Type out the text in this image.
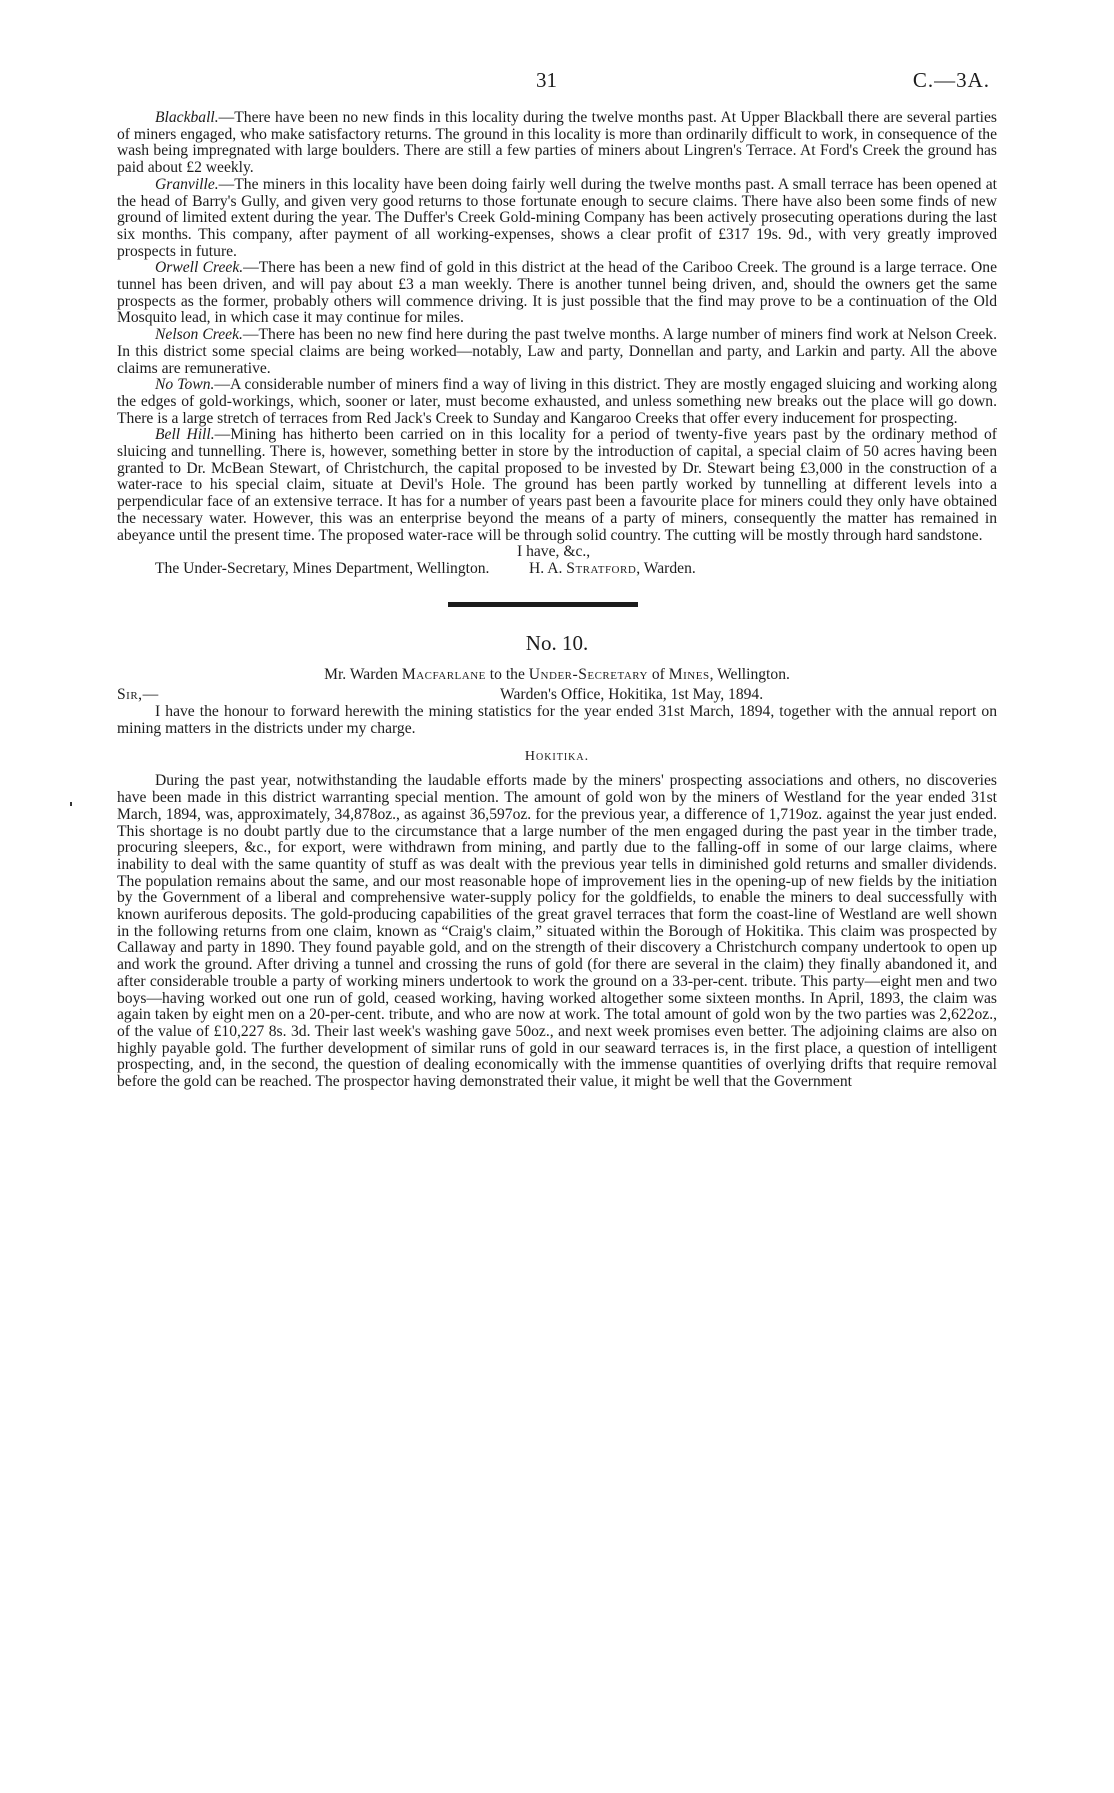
31	C.—3A.

Blackball.—There have been no new finds in this locality during the twelve months past. At Upper Blackball there are several parties of miners engaged, who make satisfactory returns. The ground in this locality is more than ordinarily difficult to work, in consequence of the wash being impregnated with large boulders. There are still a few parties of miners about Lingren's Terrace. At Ford's Creek the ground has paid about £2 weekly.

Granville.—The miners in this locality have been doing fairly well during the twelve months past. A small terrace has been opened at the head of Barry's Gully, and given very good returns to those fortunate enough to secure claims. There have also been some finds of new ground of limited extent during the year. The Duffer's Creek Gold-mining Company has been actively prosecuting operations during the last six months. This company, after payment of all working-expenses, shows a clear profit of £317 19s. 9d., with very greatly improved prospects in future.

Orwell Creek.—There has been a new find of gold in this district at the head of the Cariboo Creek. The ground is a large terrace. One tunnel has been driven, and will pay about £3 a man weekly. There is another tunnel being driven, and, should the owners get the same prospects as the former, probably others will commence driving. It is just possible that the find may prove to be a continuation of the Old Mosquito lead, in which case it may continue for miles.

Nelson Creek.—There has been no new find here during the past twelve months. A large number of miners find work at Nelson Creek. In this district some special claims are being worked—notably, Law and party, Donnellan and party, and Larkin and party. All the above claims are remunerative.

No Town.—A considerable number of miners find a way of living in this district. They are mostly engaged sluicing and working along the edges of gold-workings, which, sooner or later, must become exhausted, and unless something new breaks out the place will go down. There is a large stretch of terraces from Red Jack's Creek to Sunday and Kangaroo Creeks that offer every inducement for prospecting.

Bell Hill.—Mining has hitherto been carried on in this locality for a period of twenty-five years past by the ordinary method of sluicing and tunnelling. There is, however, something better in store by the introduction of capital, a special claim of 50 acres having been granted to Dr. McBean Stewart, of Christchurch, the capital proposed to be invested by Dr. Stewart being £3,000 in the construction of a water-race to his special claim, situate at Devil's Hole. The ground has been partly worked by tunnelling at different levels into a perpendicular face of an extensive terrace. It has for a number of years past been a favourite place for miners could they only have obtained the necessary water. However, this was an enterprise beyond the means of a party of miners, consequently the matter has remained in abeyance until the present time. The proposed water-race will be through solid country. The cutting will be mostly through hard sandstone.

I have, &c.,
The Under-Secretary, Mines Department, Wellington.	H. A. Stratford, Warden.
No. 10.
Mr. Warden Macfarlane to the Under-Secretary of Mines, Wellington.
Sir,—	Warden's Office, Hokitika, 1st May, 1894.

I have the honour to forward herewith the mining statistics for the year ended 31st March, 1894, together with the annual report on mining matters in the districts under my charge.

Hokitika.

During the past year, notwithstanding the laudable efforts made by the miners' prospecting associations and others, no discoveries have been made in this district warranting special mention. The amount of gold won by the miners of Westland for the year ended 31st March, 1894, was, approximately, 34,878oz., as against 36,597oz. for the previous year, a difference of 1,719oz. against the year just ended. This shortage is no doubt partly due to the circumstance that a large number of the men engaged during the past year in the timber trade, procuring sleepers, &c., for export, were withdrawn from mining, and partly due to the falling-off in some of our large claims, where inability to deal with the same quantity of stuff as was dealt with the previous year tells in diminished gold returns and smaller dividends. The population remains about the same, and our most reasonable hope of improvement lies in the opening-up of new fields by the initiation by the Government of a liberal and comprehensive water-supply policy for the goldfields, to enable the miners to deal successfully with known auriferous deposits. The gold-producing capabilities of the great gravel terraces that form the coast-line of Westland are well shown in the following returns from one claim, known as “Craig's claim,” situated within the Borough of Hokitika. This claim was prospected by Callaway and party in 1890. They found payable gold, and on the strength of their discovery a Christchurch company undertook to open up and work the ground. After driving a tunnel and crossing the runs of gold (for there are several in the claim) they finally abandoned it, and after considerable trouble a party of working miners undertook to work the ground on a 33-per-cent. tribute. This party—eight men and two boys—having worked out one run of gold, ceased working, having worked altogether some sixteen months. In April, 1893, the claim was again taken by eight men on a 20-per-cent. tribute, and who are now at work. The total amount of gold won by the two parties was 2,622oz., of the value of £10,227 8s. 3d. Their last week's washing gave 50oz., and next week promises even better. The adjoining claims are also on highly payable gold. The further development of similar runs of gold in our seaward terraces is, in the first place, a question of intelligent prospecting, and, in the second, the question of dealing economically with the immense quantities of overlying drifts that require removal before the gold can be reached. The prospector having demonstrated their value, it might be well that the Government
